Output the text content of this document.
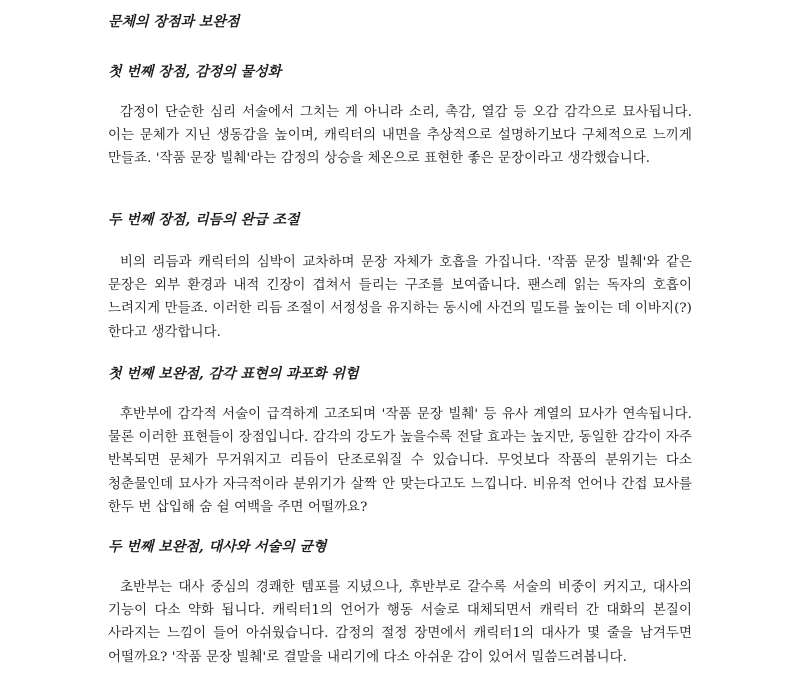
문체의 장점과 보완점
첫 번째 장점, 감정의 물성화

감정이 단순한 심리 서술에서 그치는 게 아니라 소리, 촉감, 열감 등 오감 감각으로 묘사됩니다. 이는 문체가 지닌 생동감을 높이며, 캐릭터의 내면을 추상적으로 설명하기보다 구체적으로 느끼게 만들죠. '작품 문장 빌췌'라는 감정의 상승을 체온으로 표현한 좋은 문장이라고 생각했습니다.

두 번째 장점, 리듬의 완급 조절

비의 리듬과 캐릭터의 심박이 교차하며 문장 자체가 호흡을 가집니다. '작품 문장 빌췌'와 같은 문장은 외부 환경과 내적 긴장이 겹쳐서 들리는 구조를 보여줍니다. 팬스레 읽는 독자의 호흡이 느려지게 만들죠. 이러한 리듬 조절이 서정성을 유지하는 동시에 사건의 밀도를 높이는 데 이바지(?)한다고 생각합니다.

첫 번째 보완점, 감각 표현의 과포화 위험

후반부에 감각적 서술이 급격하게 고조되며 '작품 문장 빌췌' 등 유사 계열의 묘사가 연속됩니다. 물론 이러한 표현들이 장점입니다. 감각의 강도가 높을수록 전달 효과는 높지만, 동일한 감각이 자주 반복되면 문체가 무거워지고 리듬이 단조로워질 수 있습니다. 무엇보다 작품의 분위기는 다소 청춘물인데 묘사가 자극적이라 분위기가 살짝 안 맞는다고도 느낍니다. 비유적 언어나 간접 묘사를 한두 번 삽입해 숨 쉴 여백을 주면 어떨까요?

두 번째 보완점, 대사와 서술의 균형

초반부는 대사 중심의 경쾌한 템포를 지녔으나, 후반부로 갈수록 서술의 비중이 커지고, 대사의 기능이 다소 약화 됩니다. 캐릭터1의 언어가 행동 서술로 대체되면서 캐릭터 간 대화의 본질이 사라지는 느낌이 들어 아쉬웠습니다. 감정의 절정 장면에서 캐릭터1의 대사가 몇 줄을 남겨두면 어떨까요? '작품 문장 빌췌'로 결말을 내리기에 다소 아쉬운 감이 있어서 밀씀드려봅니다.
